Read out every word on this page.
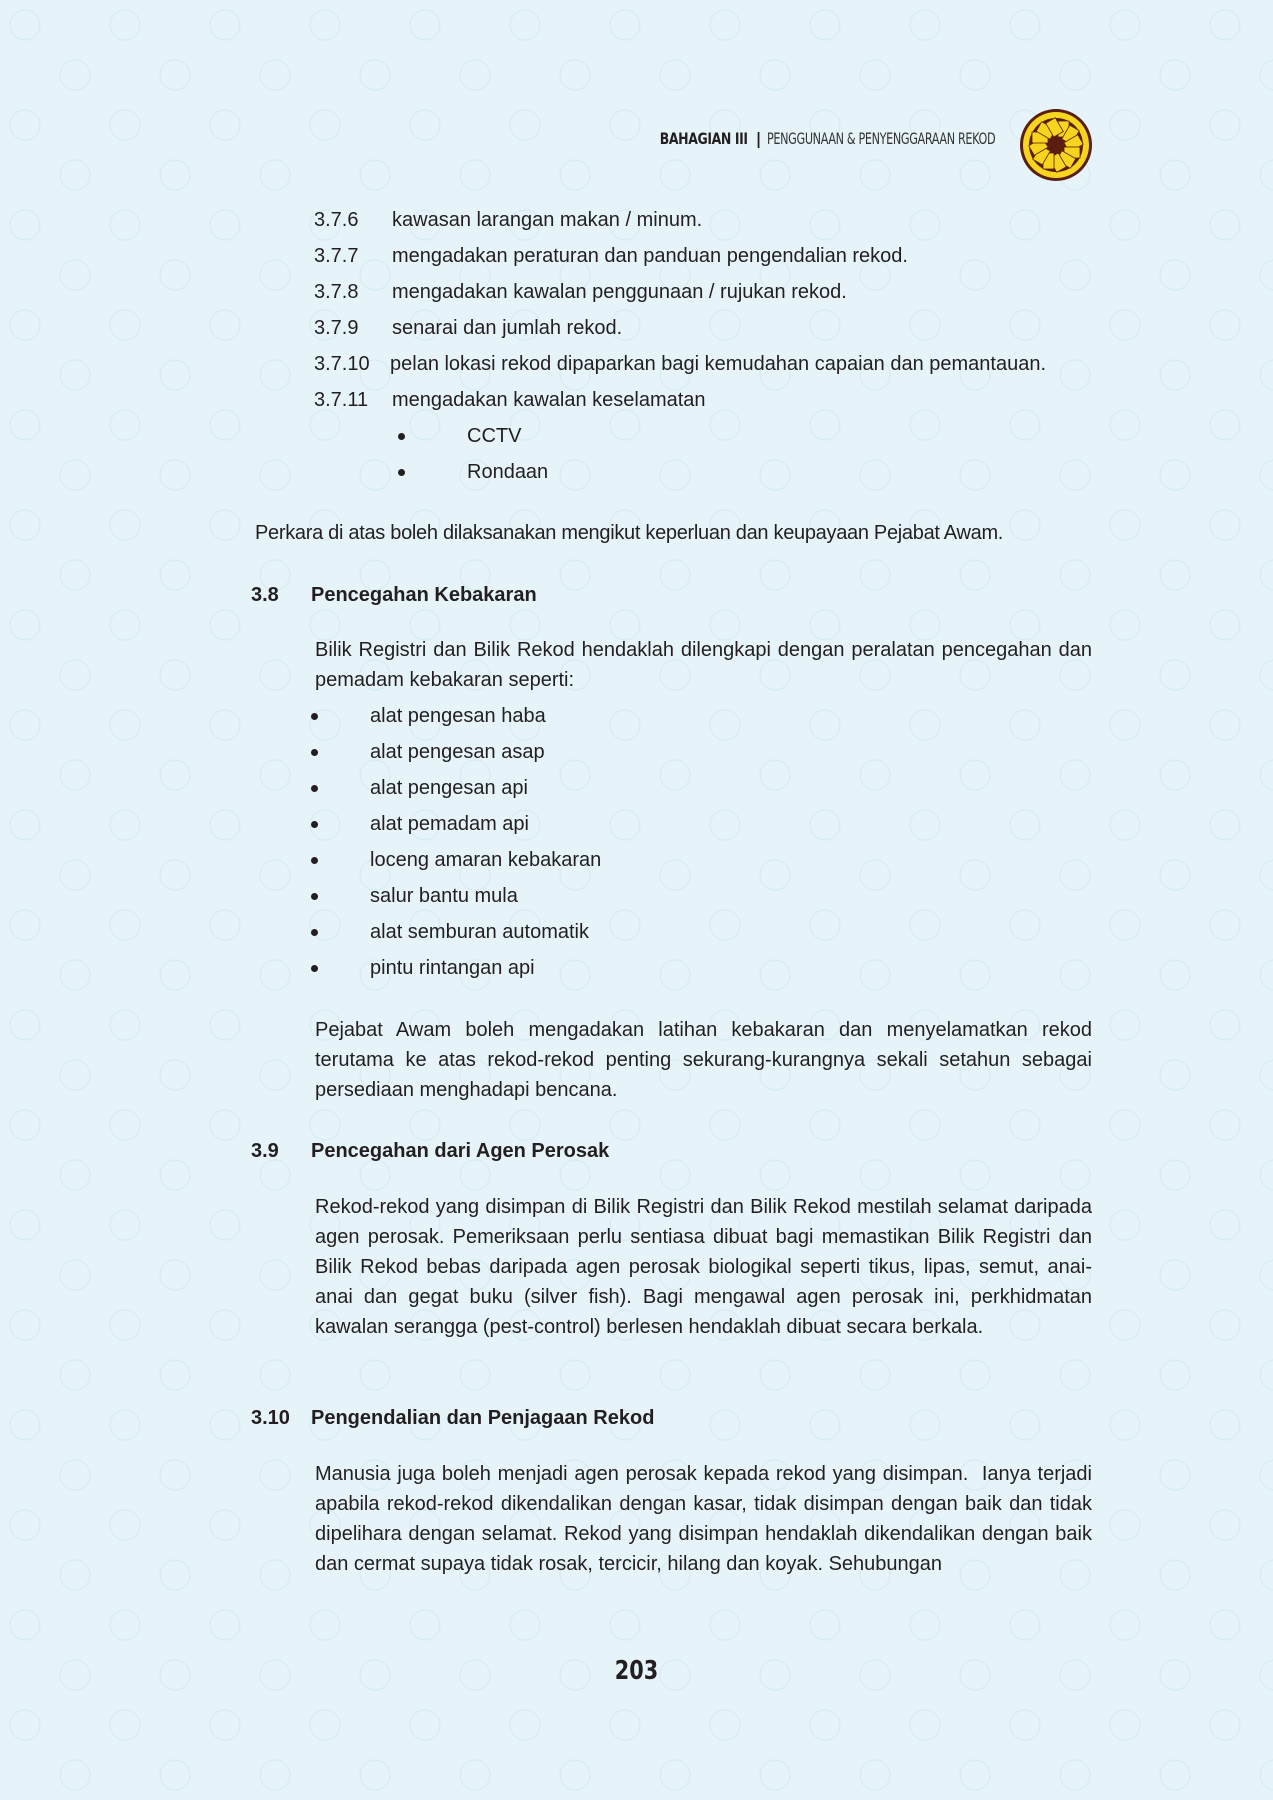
BAHAGIAN III | PENGGUNAAN & PENYENGGARAAN REKOD
3.7.6 kawasan larangan makan / minum.
3.7.7 mengadakan peraturan dan panduan pengendalian rekod.
3.7.8 mengadakan kawalan penggunaan / rujukan rekod.
3.7.9 senarai dan jumlah rekod.
3.7.10 pelan lokasi rekod dipaparkan bagi kemudahan capaian dan pemantauan.
3.7.11 mengadakan kawalan keselamatan
CCTV
Rondaan
Perkara di atas boleh dilaksanakan mengikut keperluan dan keupayaan Pejabat Awam.
3.8 Pencegahan Kebakaran
Bilik Registri dan Bilik Rekod hendaklah dilengkapi dengan peralatan pencegahan dan pemadam kebakaran seperti:
alat pengesan haba
alat pengesan asap
alat pengesan api
alat pemadam api
loceng amaran kebakaran
salur bantu mula
alat semburan automatik
pintu rintangan api
Pejabat Awam boleh mengadakan latihan kebakaran dan menyelamatkan rekod terutama ke atas rekod-rekod penting sekurang-kurangnya sekali setahun sebagai persediaan menghadapi bencana.
3.9 Pencegahan dari Agen Perosak
Rekod-rekod yang disimpan di Bilik Registri dan Bilik Rekod mestilah selamat daripada agen perosak. Pemeriksaan perlu sentiasa dibuat bagi memastikan Bilik Registri dan Bilik Rekod bebas daripada agen perosak biologikal seperti tikus, lipas, semut, anai-anai dan gegat buku (silver fish). Bagi mengawal agen perosak ini, perkhidmatan kawalan serangga (pest-control) berlesen hendaklah dibuat secara berkala.
3.10 Pengendalian dan Penjagaan Rekod
Manusia juga boleh menjadi agen perosak kepada rekod yang disimpan.  Ianya terjadi apabila rekod-rekod dikendalikan dengan kasar, tidak disimpan dengan baik dan tidak dipelihara dengan selamat. Rekod yang disimpan hendaklah dikendalikan dengan baik dan cermat supaya tidak rosak, tercicir, hilang dan koyak. Sehubungan
203
